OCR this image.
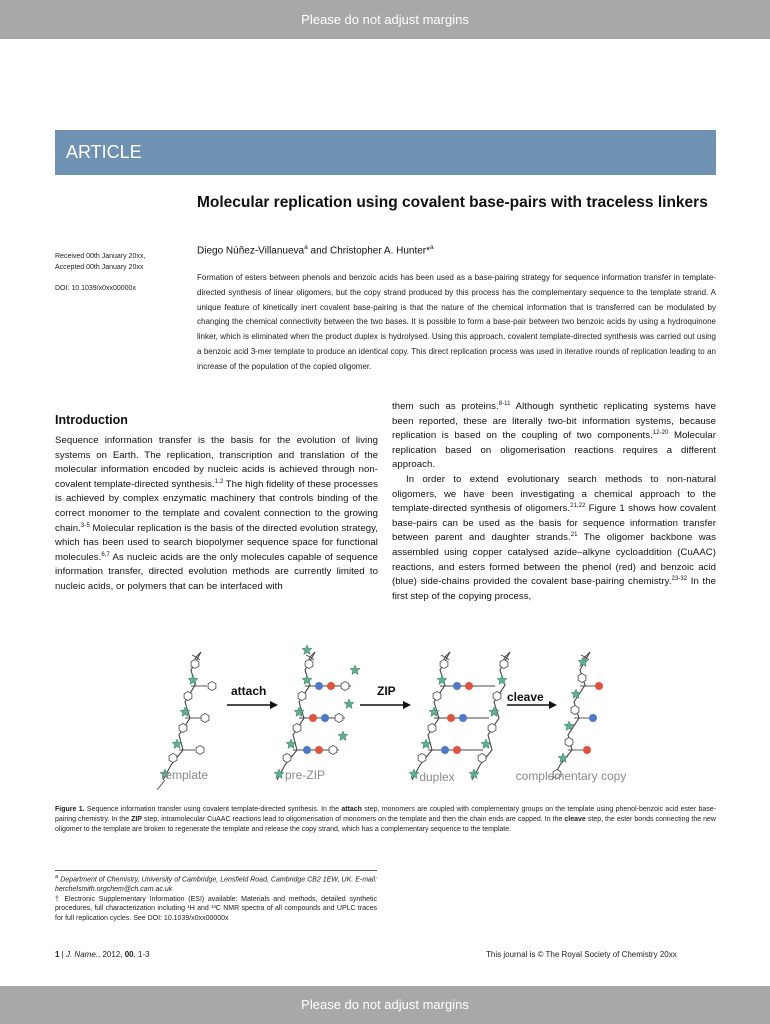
Please do not adjust margins
ARTICLE
Molecular replication using covalent base-pairs with traceless linkers
Diego Núñez-Villanueva$^a$ and Christopher A. Hunter*$^a$
Received 00th January 20xx,
Accepted 00th January 20xx
DOI: 10.1039/x0xx00000x
Formation of esters between phenols and benzoic acids has been used as a base-pairing strategy for sequence information transfer in template-directed synthesis of linear oligomers, but the copy strand produced by this process has the complementary sequence to the template strand. A unique feature of kinetically inert covalent base-pairing is that the nature of the chemical information that is transferred can be modulated by changing the chemical connectivity between the two bases. It is possible to form a base-pair between two benzoic acids by using a hydroquinone linker, which is eliminated when the product duplex is hydrolysed. Using this approach, covalent template-directed synthesis was carried out using a benzoic acid 3-mer template to produce an identical copy. This direct replication process was used in iterative rounds of replication leading to an increase of the population of the copied oligomer.
Introduction
Sequence information transfer is the basis for the evolution of living systems on Earth. The replication, transcription and translation of the molecular information encoded by nucleic acids is achieved through non-covalent template-directed synthesis.$^{1,2}$ The high fidelity of these processes is achieved by complex enzymatic machinery that controls binding of the correct monomer to the template and covalent connection to the growing chain.$^{3-5}$ Molecular replication is the basis of the directed evolution strategy, which has been used to search biopolymer sequence space for functional molecules.$^{6,7}$ As nucleic acids are the only molecules capable of sequence information transfer, directed evolution methods are currently limited to nucleic acids, or polymers that can be interfaced with
them such as proteins.$^{8-11}$ Although synthetic replicating systems have been reported, these are literally two-bit information systems, because replication is based on the coupling of two components.$^{12-20}$ Molecular replication based on oligomerisation reactions requires a different approach.
In order to extend evolutionary search methods to non-natural oligomers, we have been investigating a chemical approach to the template-directed synthesis of oligomers.$^{21,22}$ Figure 1 shows how covalent base-pairs can be used as the basis for sequence information transfer between parent and daughter strands.$^{21}$ The oligomer backbone was assembled using copper catalysed azide–alkyne cycloaddition (CuAAC) reactions, and esters formed between the phenol (red) and benzoic acid (blue) side-chains provided the covalent base-pairing chemistry.$^{23-32}$ In the first step of the copying process,
attach	ZIP	cleave
template	pre-ZIP	duplex	complementary copy
Figure 1. Sequence information transfer using covalent template-directed synthesis. In the attach step, monomers are coupled with complementary groups on the template using phenol-benzoic acid ester base-pairing chemistry. In the ZIP step, intramolecular CuAAC reactions lead to oligomerisation of monomers on the template and then the chain ends are capped. In the cleave step, the ester bonds connecting the new oligomer to the template are broken to regenerate the template and release the copy strand, which has a complementary sequence to the template.
$^a$ Department of Chemistry, University of Cambridge, Lensfield Road, Cambridge CB2 1EW, UK. E-mail: herchelsmith.orgchem@ch.cam.ac.uk
† Electronic Supplementary Information (ESI) available: Materials and methods, detailed synthetic procedures, full characterization including ¹H and ¹³C NMR spectra of all compounds and UPLC traces for full replication cycles. See DOI: 10.1039/x0xx00000x
1 | J. Name., 2012, 00, 1-3	This journal is © The Royal Society of Chemistry 20xx
Please do not adjust margins
